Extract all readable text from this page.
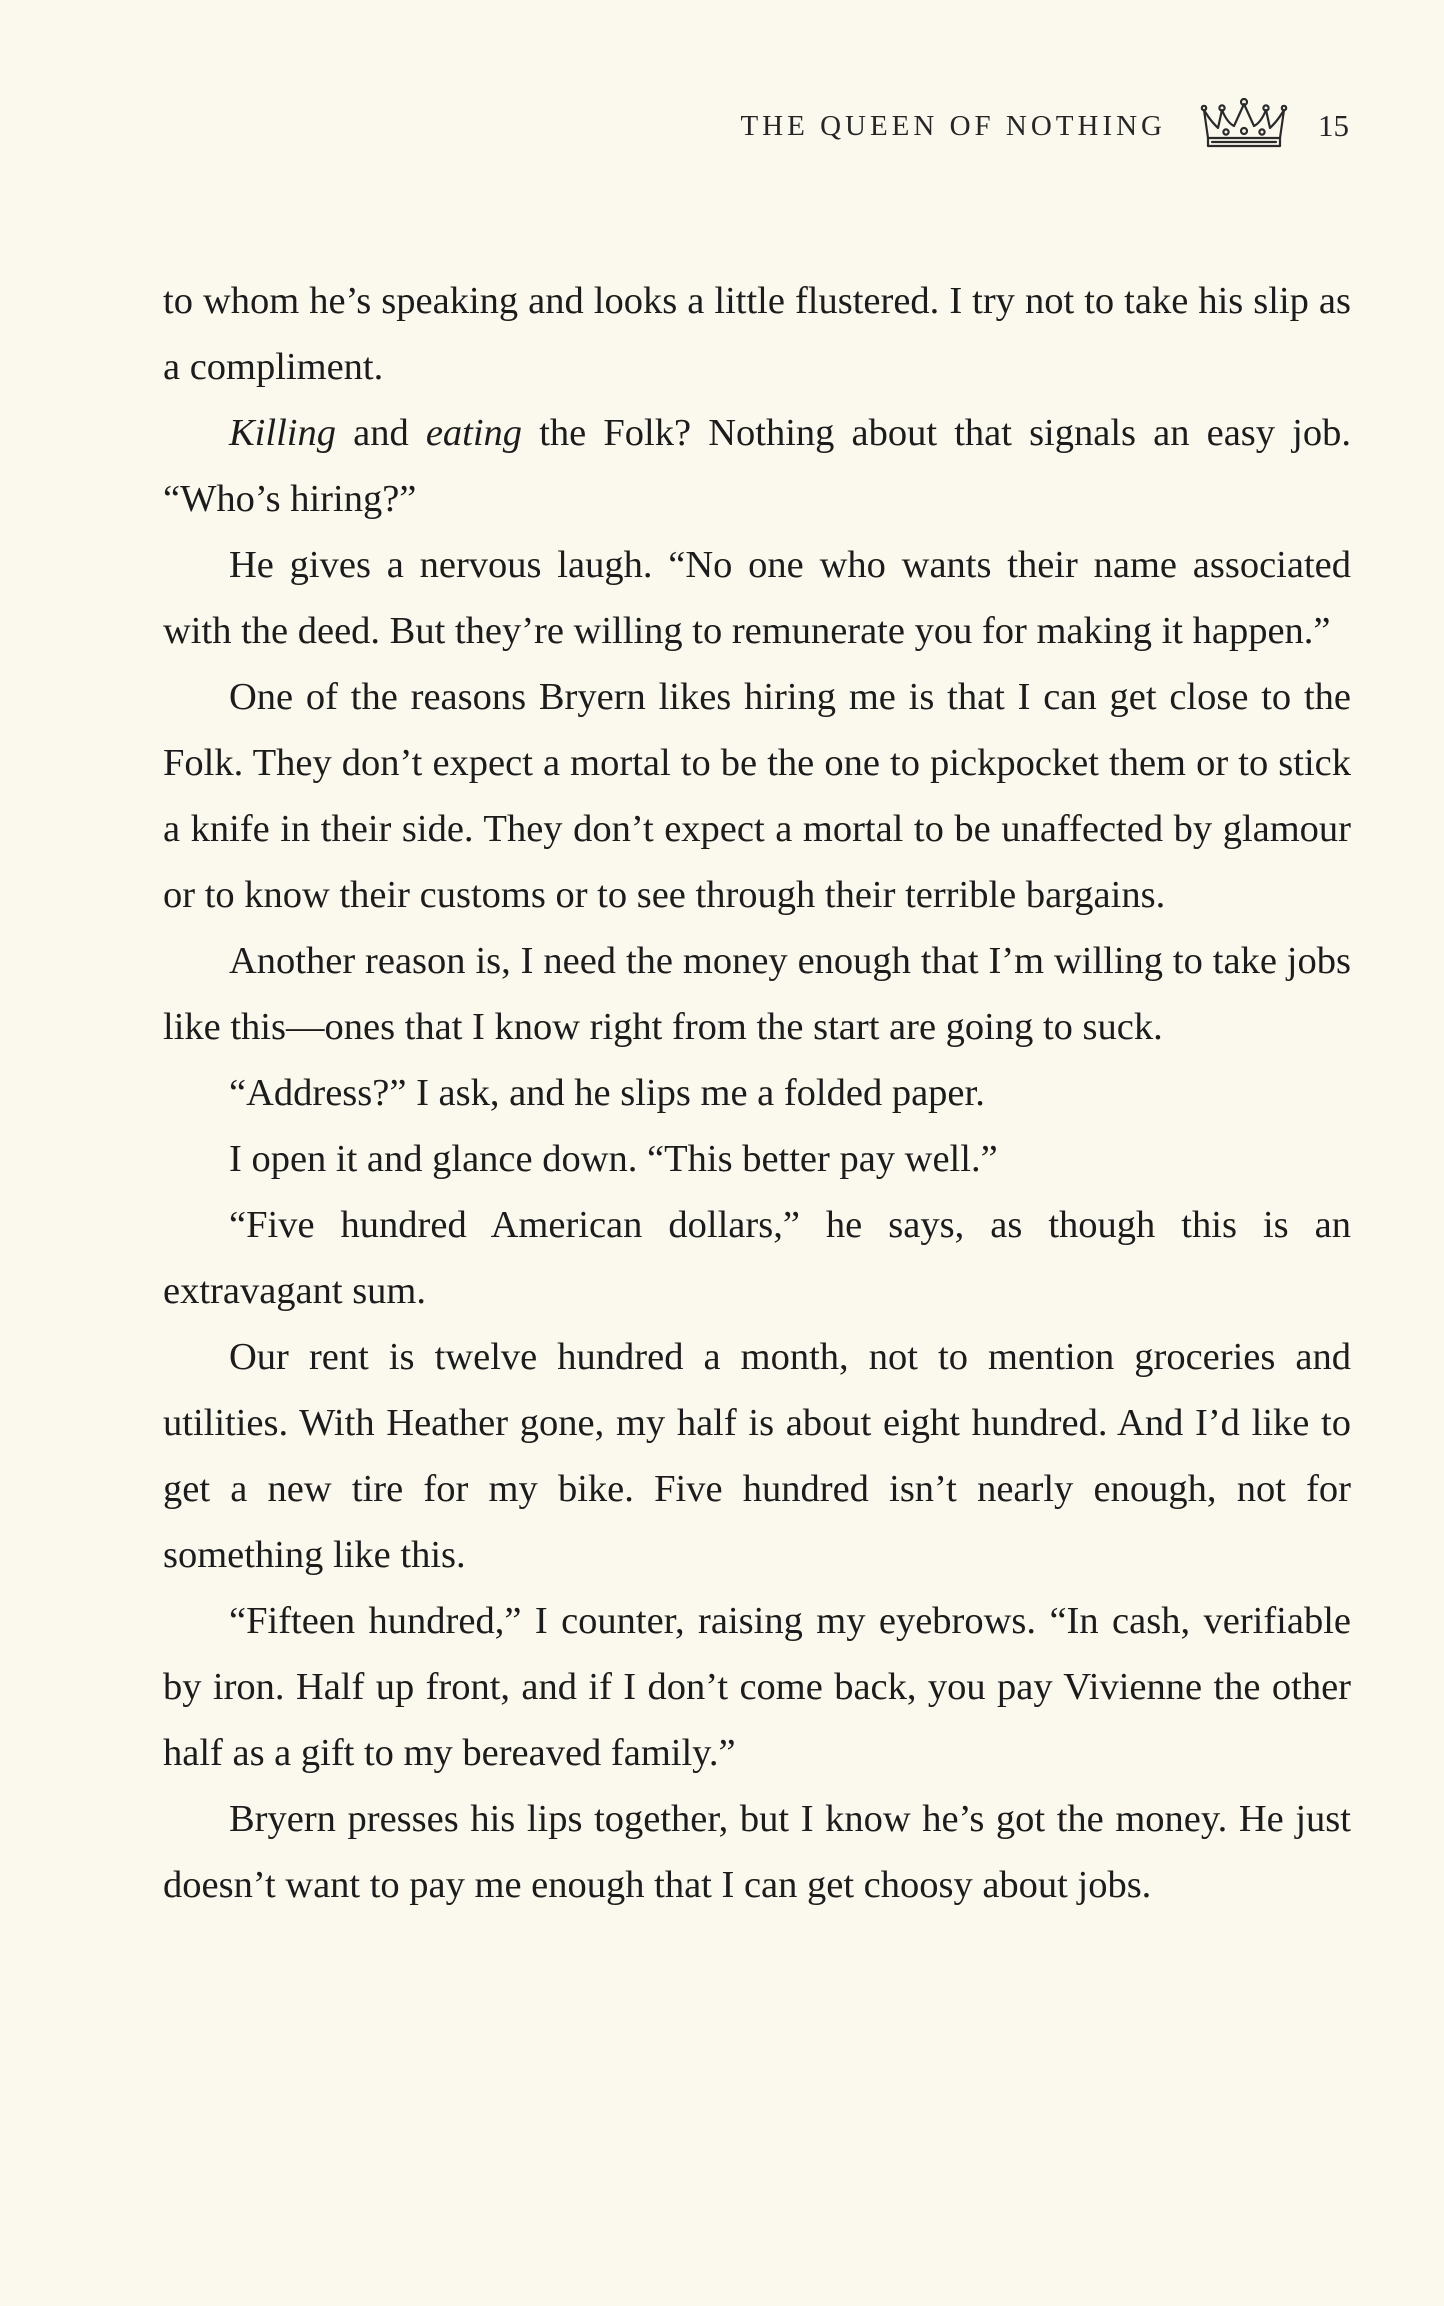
THE QUEEN OF NOTHING	15

to whom he’s speaking and looks a little flustered. I try not to take his slip as a compliment.

Killing and eating the Folk? Nothing about that signals an easy job. “Who’s hiring?”

He gives a nervous laugh. “No one who wants their name associated with the deed. But they’re willing to remunerate you for making it happen.”

One of the reasons Bryern likes hiring me is that I can get close to the Folk. They don’t expect a mortal to be the one to pickpocket them or to stick a knife in their side. They don’t expect a mortal to be unaffected by glamour or to know their customs or to see through their terrible bargains.

Another reason is, I need the money enough that I’m willing to take jobs like this—ones that I know right from the start are going to suck.

“Address?” I ask, and he slips me a folded paper.

I open it and glance down. “This better pay well.”

“Five hundred American dollars,” he says, as though this is an extravagant sum.

Our rent is twelve hundred a month, not to mention groceries and utilities. With Heather gone, my half is about eight hundred. And I’d like to get a new tire for my bike. Five hundred isn’t nearly enough, not for something like this.

“Fifteen hundred,” I counter, raising my eyebrows. “In cash, verifiable by iron. Half up front, and if I don’t come back, you pay Vivienne the other half as a gift to my bereaved family.”

Bryern presses his lips together, but I know he’s got the money. He just doesn’t want to pay me enough that I can get choosy about jobs.
